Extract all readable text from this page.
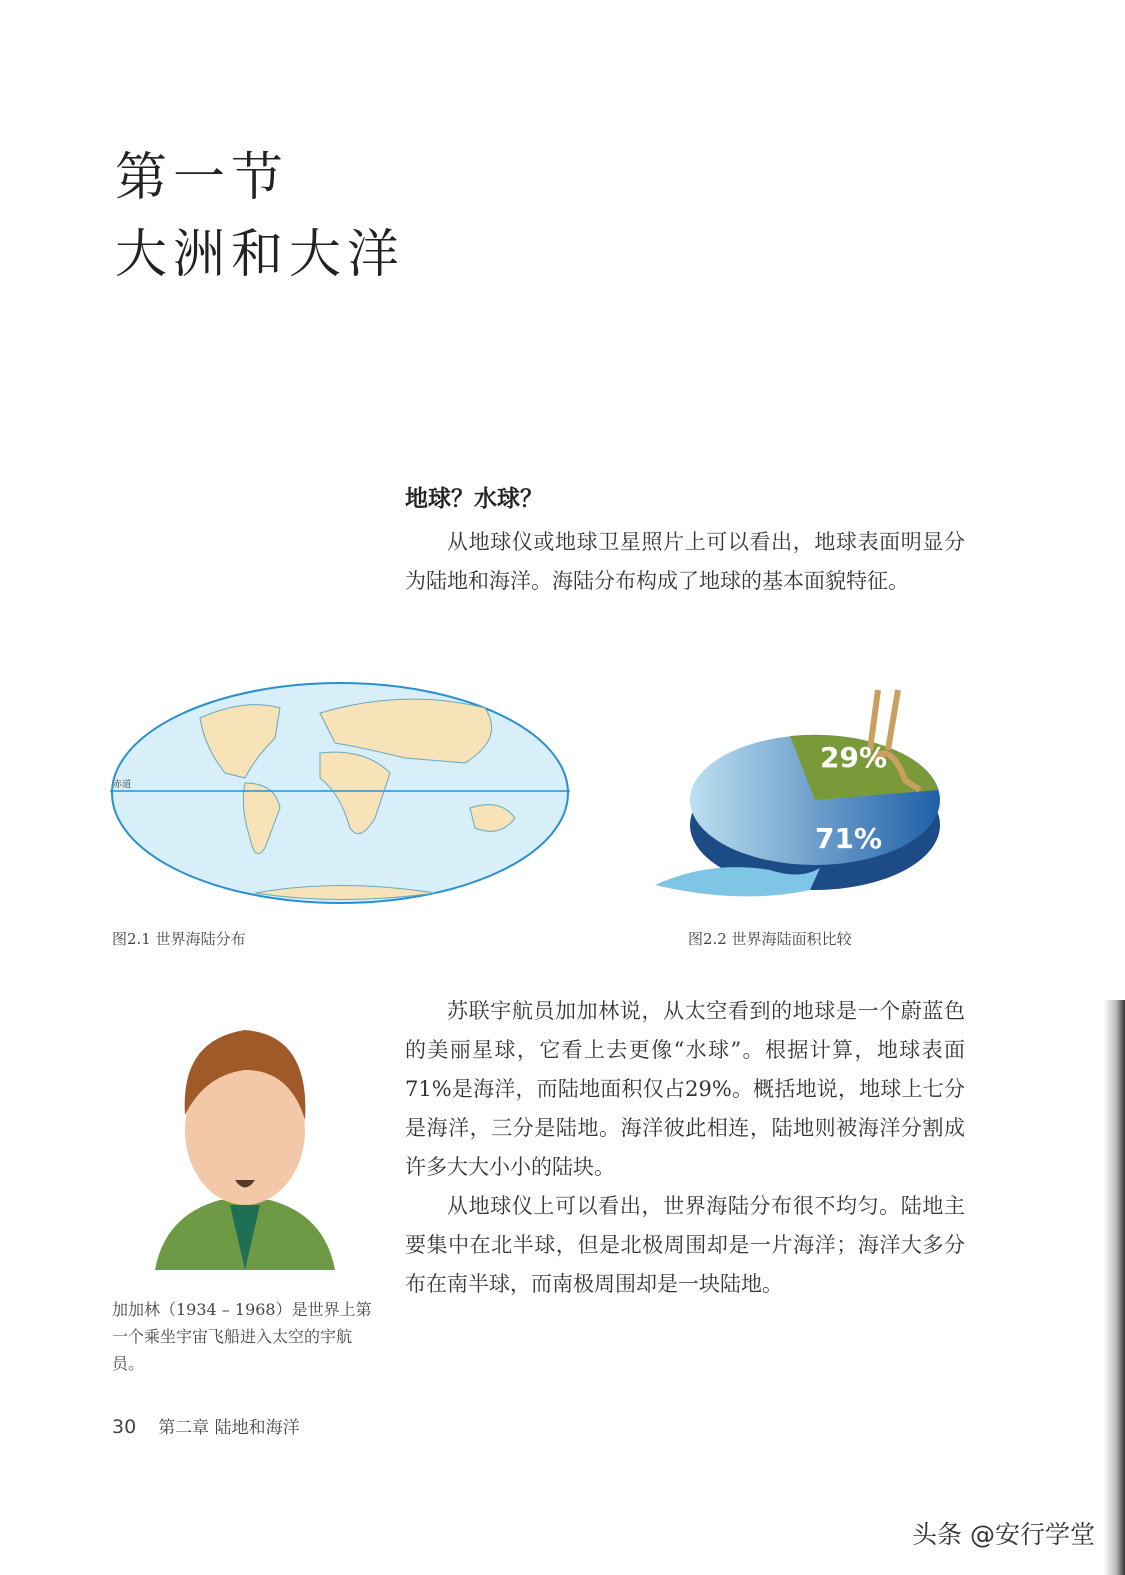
第一节
大洲和大洋
地球？水球？

从地球仪或地球卫星照片上可以看出，地球表面明显分为陆地和海洋。海陆分布构成了地球的基本面貌特征。

赤道
图2.1 世界海陆分布
29%
71%
图2.2 世界海陆面积比较
加加林（1934 – 1968）是世界上第一个乘坐宇宙飞船进入太空的宇航员。

苏联宇航员加加林说，从太空看到的地球是一个蔚蓝色的美丽星球，它看上去更像“水球”。根据计算，地球表面71%是海洋，而陆地面积仅占29%。概括地说，地球上七分是海洋，三分是陆地。海洋彼此相连，陆地则被海洋分割成许多大大小小的陆块。

从地球仪上可以看出，世界海陆分布很不均匀。陆地主要集中在北半球，但是北极周围却是一片海洋；海洋大多分布在南半球，而南极周围却是一块陆地。

30 第二章 陆地和海洋
头条 @安行学堂
